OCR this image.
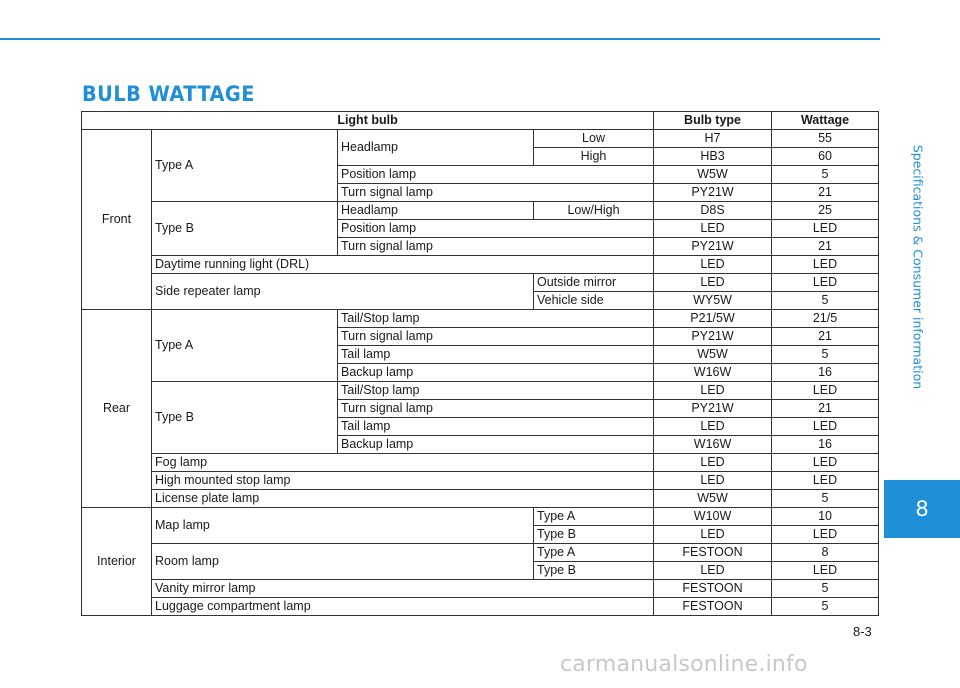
BULB WATTAGE
Specifications & Consumer information
8
8-3
carmanualsonline.info
Light bulb				Bulb type	Wattage
Front	Type A	Headlamp	Low	H7	55
			High	HB3	60
		Position lamp		W5W	5
		Turn signal lamp		PY21W	21
	Type B	Headlamp	Low/High	D8S	25
		Position lamp		LED	LED
		Turn signal lamp		PY21W	21
	Daytime running light (DRL)			LED	LED
	Side repeater lamp		Outside mirror	LED	LED
			Vehicle side	WY5W	5
Rear	Type A	Tail/Stop lamp		P21/5W	21/5
		Turn signal lamp		PY21W	21
		Tail lamp		W5W	5
		Backup lamp		W16W	16
	Type B	Tail/Stop lamp		LED	LED
		Turn signal lamp		PY21W	21
		Tail lamp		LED	LED
		Backup lamp		W16W	16
	Fog lamp			LED	LED
	High mounted stop lamp			LED	LED
	License plate lamp			W5W	5
Interior	Map lamp		Type A	W10W	10
			Type B	LED	LED
	Room lamp		Type A	FESTOON	8
			Type B	LED	LED
	Vanity mirror lamp			FESTOON	5
	Luggage compartment lamp			FESTOON	5
